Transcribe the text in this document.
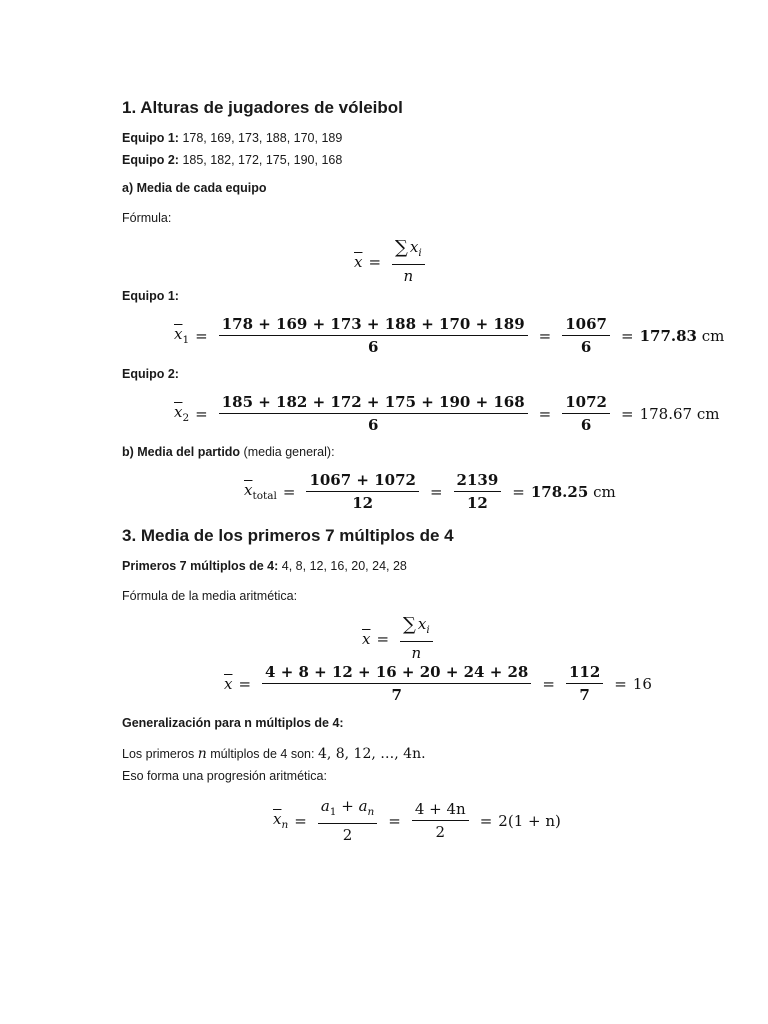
1. Alturas de jugadores de vóleibol
Equipo 1: 178, 169, 173, 188, 170, 189
Equipo 2: 185, 182, 172, 175, 190, 168
a) Media de cada equipo
Fórmula:
$\overline{x} = \frac{\sum x_i}{n}$
Equipo 1:
$\overline{x}_1 = \frac{178 + 169 + 173 + 188 + 170 + 189}{6} = \frac{1067}{6} = 177.83$
cm
Equipo 2:
$\overline{x}_2 = \frac{185 + 182 + 172 + 175 + 190 + 168}{6} = \frac{1072}{6} = 178.67$
cm
b) Media del partido (media general):
$\overline{x}_{total} = \frac{1067 + 1072}{12} = \frac{2139}{12} = 178.25$
cm
3. Media de los primeros 7 múltiplos de 4
Primeros 7 múltiplos de 4: 4, 8, 12, 16, 20, 24, 28
Fórmula de la media aritmética:
$\overline{x} = \frac{\sum x_i}{n}$
$\overline{x} = \frac{4 + 8 + 12 + 16 + 20 + 24 + 28}{7} = \frac{112}{7} = 16$
Generalización para n múltiplos de 4:
Los primeros n múltiplos de 4 son: 4, 8, 12, …, 4n.
Eso forma una progresión aritmética:
$\overline{x}_n = \frac{a_1 + a_n}{2} = \frac{4 + 4n}{2} = 2(1 + n)$
